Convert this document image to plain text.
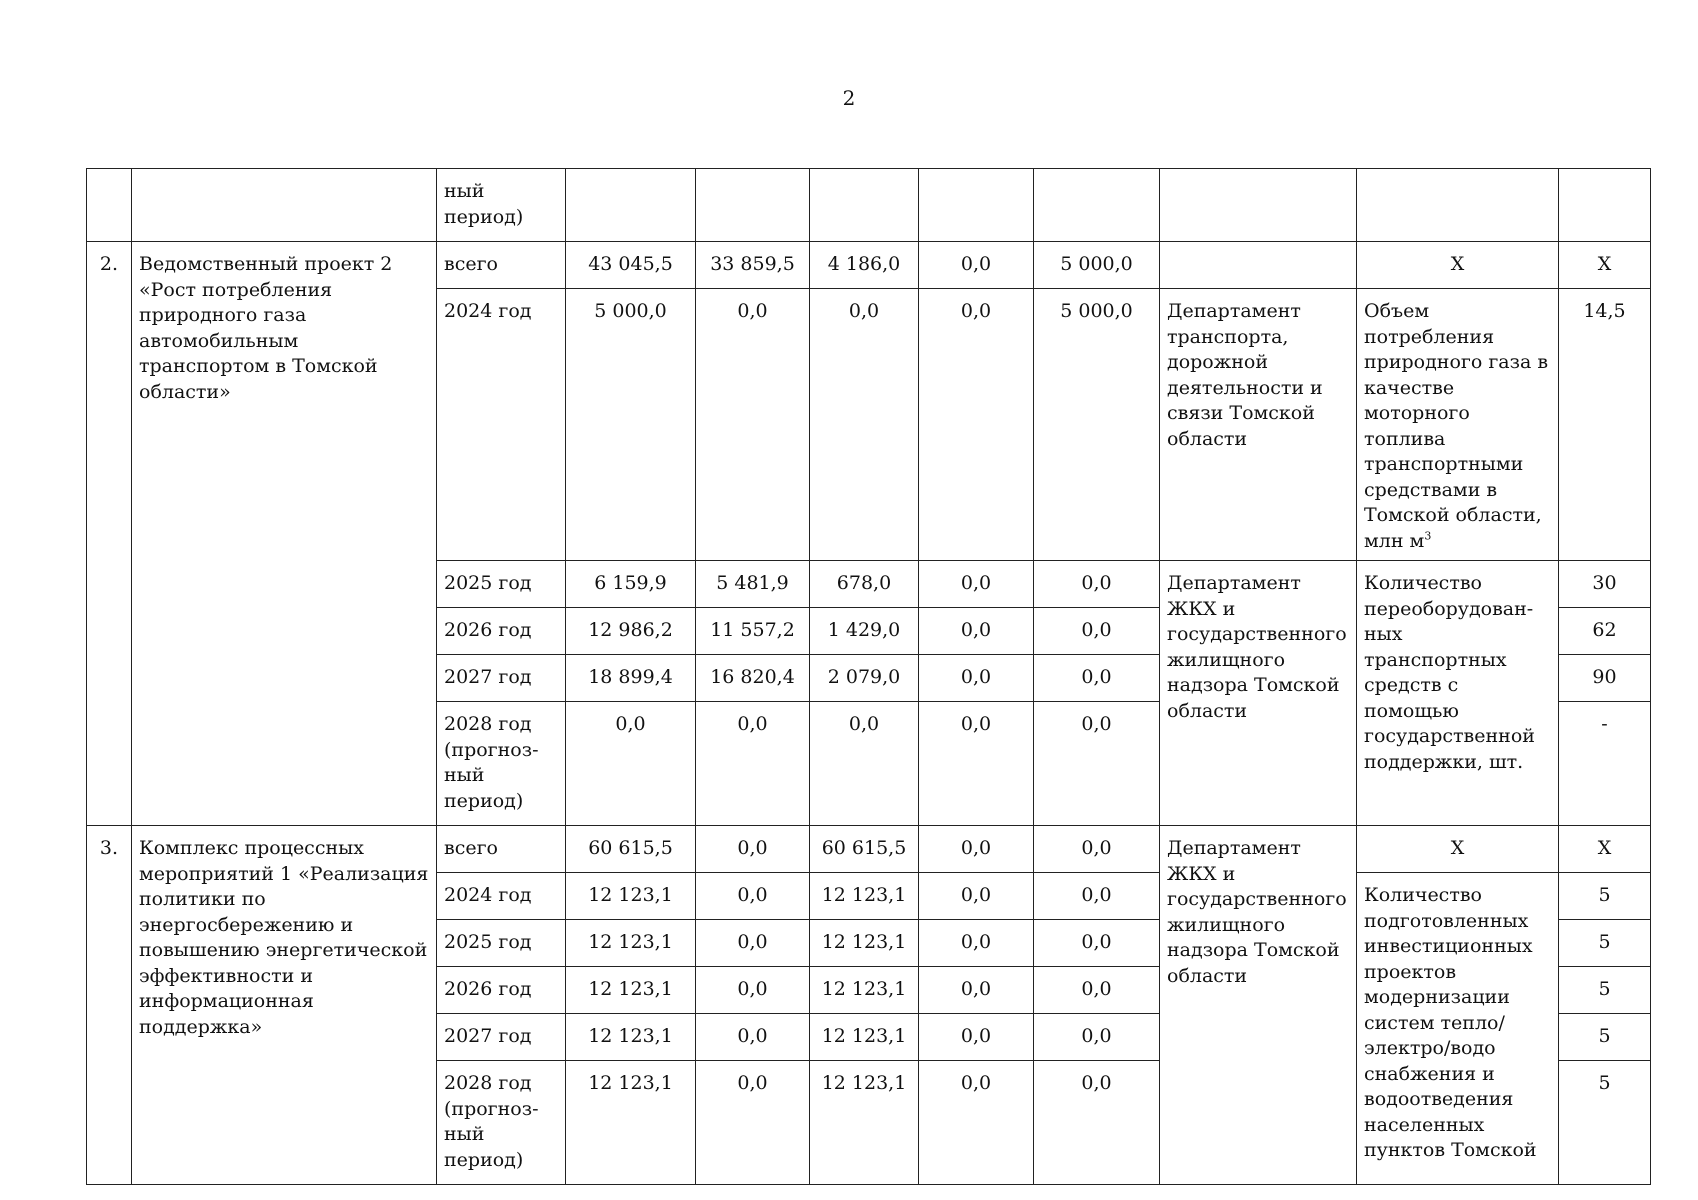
2
		ный период)								
2.	Ведомственный проект 2 «Рост потребления природного газа автомобильным транспортом в Томской области»	всего	43 045,5	33 859,5	4 186,0	0,0	5 000,0		Х	Х
		2024 год	5 000,0	0,0	0,0	0,0	5 000,0	Департамент транспорта, дорожной деятельности и связи Томской области	Объем потребления природного газа в качестве моторного топлива транспортными средствами в Томской области, млн $м^3$	14,5
		2025 год	6 159,9	5 481,9	678,0	0,0	0,0	Департамент ЖКХ и государственного жилищного надзора Томской области	Количество переоборудован-ных транспортных средств с помощью государственной поддержки, шт.	30
		2026 год	12 986,2	11 557,2	1 429,0	0,0	0,0			62
		2027 год	18 899,4	16 820,4	2 079,0	0,0	0,0			90
		2028 год (прогноз-ный период)	0,0	0,0	0,0	0,0	0,0			-
3.	Комплекс процессных мероприятий 1 «Реализация политики по энергосбережению и повышению энергетической эффективности и информационная поддержка»	всего	60 615,5	0,0	60 615,5	0,0	0,0	Департамент ЖКХ и государственного жилищного надзора Томской области	Х	Х
		2024 год	12 123,1	0,0	12 123,1	0,0	0,0		Количество подготовленных инвестиционных проектов модернизации систем тепло/электро/водо снабжения и водоотведения населенных пунктов Томской	5
		2025 год	12 123,1	0,0	12 123,1	0,0	0,0			5
		2026 год	12 123,1	0,0	12 123,1	0,0	0,0			5
		2027 год	12 123,1	0,0	12 123,1	0,0	0,0			5
		2028 год (прогноз-ный период)	12 123,1	0,0	12 123,1	0,0	0,0			5
